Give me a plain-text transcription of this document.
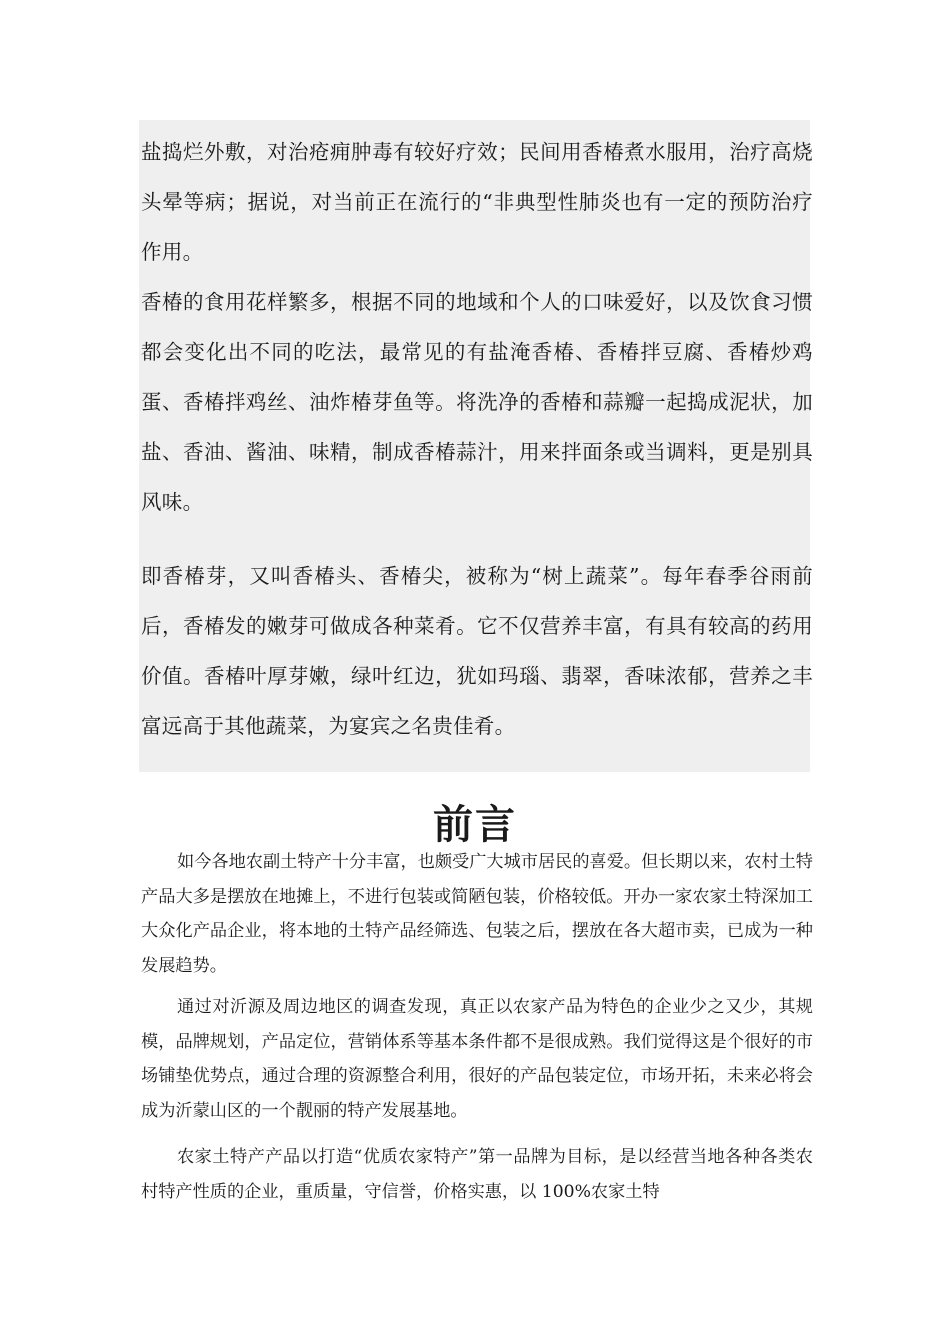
盐捣烂外敷，对治疮痈肿毒有较好疗效；民间用香椿煮水服用，治疗高烧头晕等病；据说，对当前正在流行的“非典型性肺炎也有一定的预防治疗作用。

香椿的食用花样繁多，根据不同的地域和个人的口味爱好，以及饮食习惯都会变化出不同的吃法，最常见的有盐淹香椿、香椿拌豆腐、香椿炒鸡蛋、香椿拌鸡丝、油炸椿芽鱼等。将洗净的香椿和蒜瓣一起捣成泥状，加盐、香油、酱油、味精，制成香椿蒜汁，用来拌面条或当调料，更是别具风味。

即香椿芽，又叫香椿头、香椿尖，被称为“树上蔬菜”。每年春季谷雨前后，香椿发的嫩芽可做成各种菜肴。它不仅营养丰富，有具有较高的药用价值。香椿叶厚芽嫩，绿叶红边，犹如玛瑙、翡翠，香味浓郁，营养之丰富远高于其他蔬菜，为宴宾之名贵佳肴。

前言

如今各地农副土特产十分丰富，也颇受广大城市居民的喜爱。但长期以来，农村土特产品大多是摆放在地摊上，不进行包装或简陋包装，价格较低。开办一家农家土特深加工大众化产品企业，将本地的土特产品经筛选、包装之后，摆放在各大超市卖，已成为一种发展趋势。

通过对沂源及周边地区的调查发现，真正以农家产品为特色的企业少之又少，其规模，品牌规划，产品定位，营销体系等基本条件都不是很成熟。我们觉得这是个很好的市场铺垫优势点，通过合理的资源整合利用，很好的产品包装定位，市场开拓，未来必将会成为沂蒙山区的一个靓丽的特产发展基地。

农家土特产产品以打造“优质农家特产”第一品牌为目标，是以经营当地各种各类农村特产性质的企业，重质量，守信誉，价格实惠，以 100%农家土特
